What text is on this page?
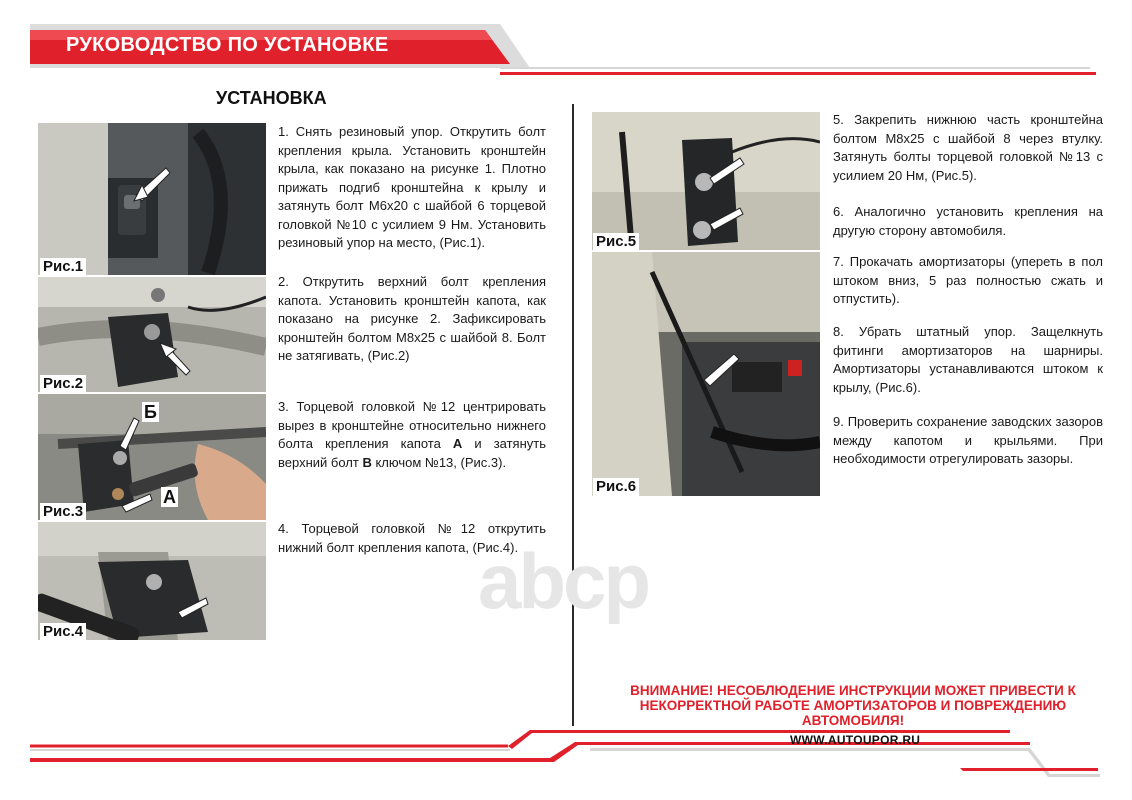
РУКОВОДСТВО ПО УСТАНОВКЕ
УСТАНОВКА
Рис.1
Рис.2
Б
А
Рис.3
Рис.4
Рис.5
Рис.6
abcp
1. Снять резиновый упор. Открутить болт крепления крыла. Установить кронштейн крыла, как показано на рисунке 1. Плотно прижать подгиб кронштейна к крылу и затянуть болт М6х20 с шайбой 6 торцевой головкой №10 с усилием 9 Нм. Установить резиновый упор на место, (Рис.1).
2. Открутить верхний болт крепления капота. Установить кронштейн капота, как показано на рисунке 2. Зафиксировать кронштейн болтом М8х25 с шайбой 8. Болт не затягивать, (Рис.2)
3. Торцевой головкой №12 центрировать вырез в кронштейне относительно нижнего болта крепления капота А и затянуть верхний болт В ключом №13, (Рис.3).
4. Торцевой головкой №12 открутить нижний болт крепления капота, (Рис.4).
5. Закрепить нижнюю часть кронштейна болтом М8х25 с шайбой 8 через втулку. Затянуть болты торцевой головкой №13 с усилием 20 Нм, (Рис.5).
6. Аналогично установить крепления на другую сторону автомобиля.
7. Прокачать амортизаторы (упереть в пол штоком вниз, 5 раз полностью сжать и отпустить).
8. Убрать штатный упор. Защелкнуть фитинги амортизаторов на шарниры. Амортизаторы устанавливаются штоком к крылу, (Рис.6).
9. Проверить сохранение заводских зазоров между капотом и крыльями. При необходимости отрегулировать зазоры.
ВНИМАНИЕ! НЕСОБЛЮДЕНИЕ ИНСТРУКЦИИ МОЖЕТ ПРИВЕСТИ К НЕКОРРЕКТНОЙ РАБОТЕ АМОРТИЗАТОРОВ И ПОВРЕЖДЕНИЮ АВТОМОБИЛЯ!
WWW.AUTOUPOR.RU
